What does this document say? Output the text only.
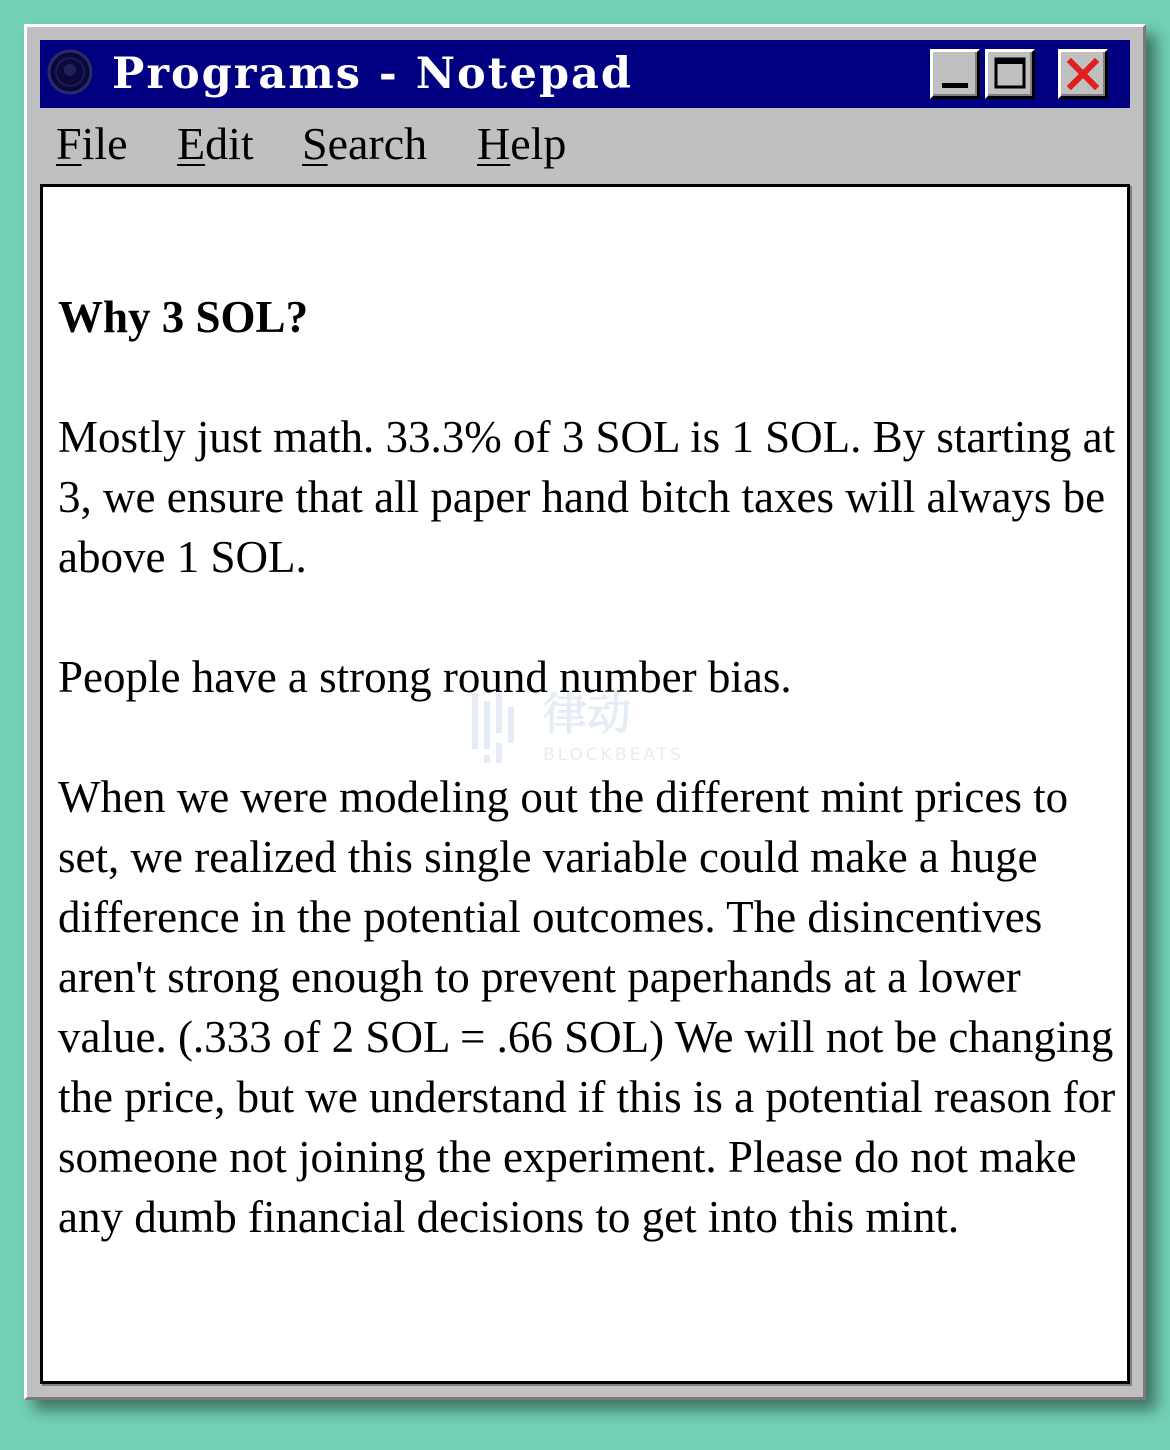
Programs - Notepad
File Edit Search Help

Why 3 SOL?

Mostly just math. 33.3% of 3 SOL is 1 SOL. By starting at 3, we ensure that all paper hand bitch taxes will always be above 1 SOL.

People have a strong round number bias.

When we were modeling out the different mint prices to set, we realized this single variable could make a huge difference in the potential outcomes. The disincentives aren't strong enough to prevent paperhands at a lower value. (.333 of 2 SOL = .66 SOL) We will not be changing the price, but we understand if this is a potential reason for someone not joining the experiment. Please do not make any dumb financial decisions to get into this mint.

律动
BLOCKBEATS
